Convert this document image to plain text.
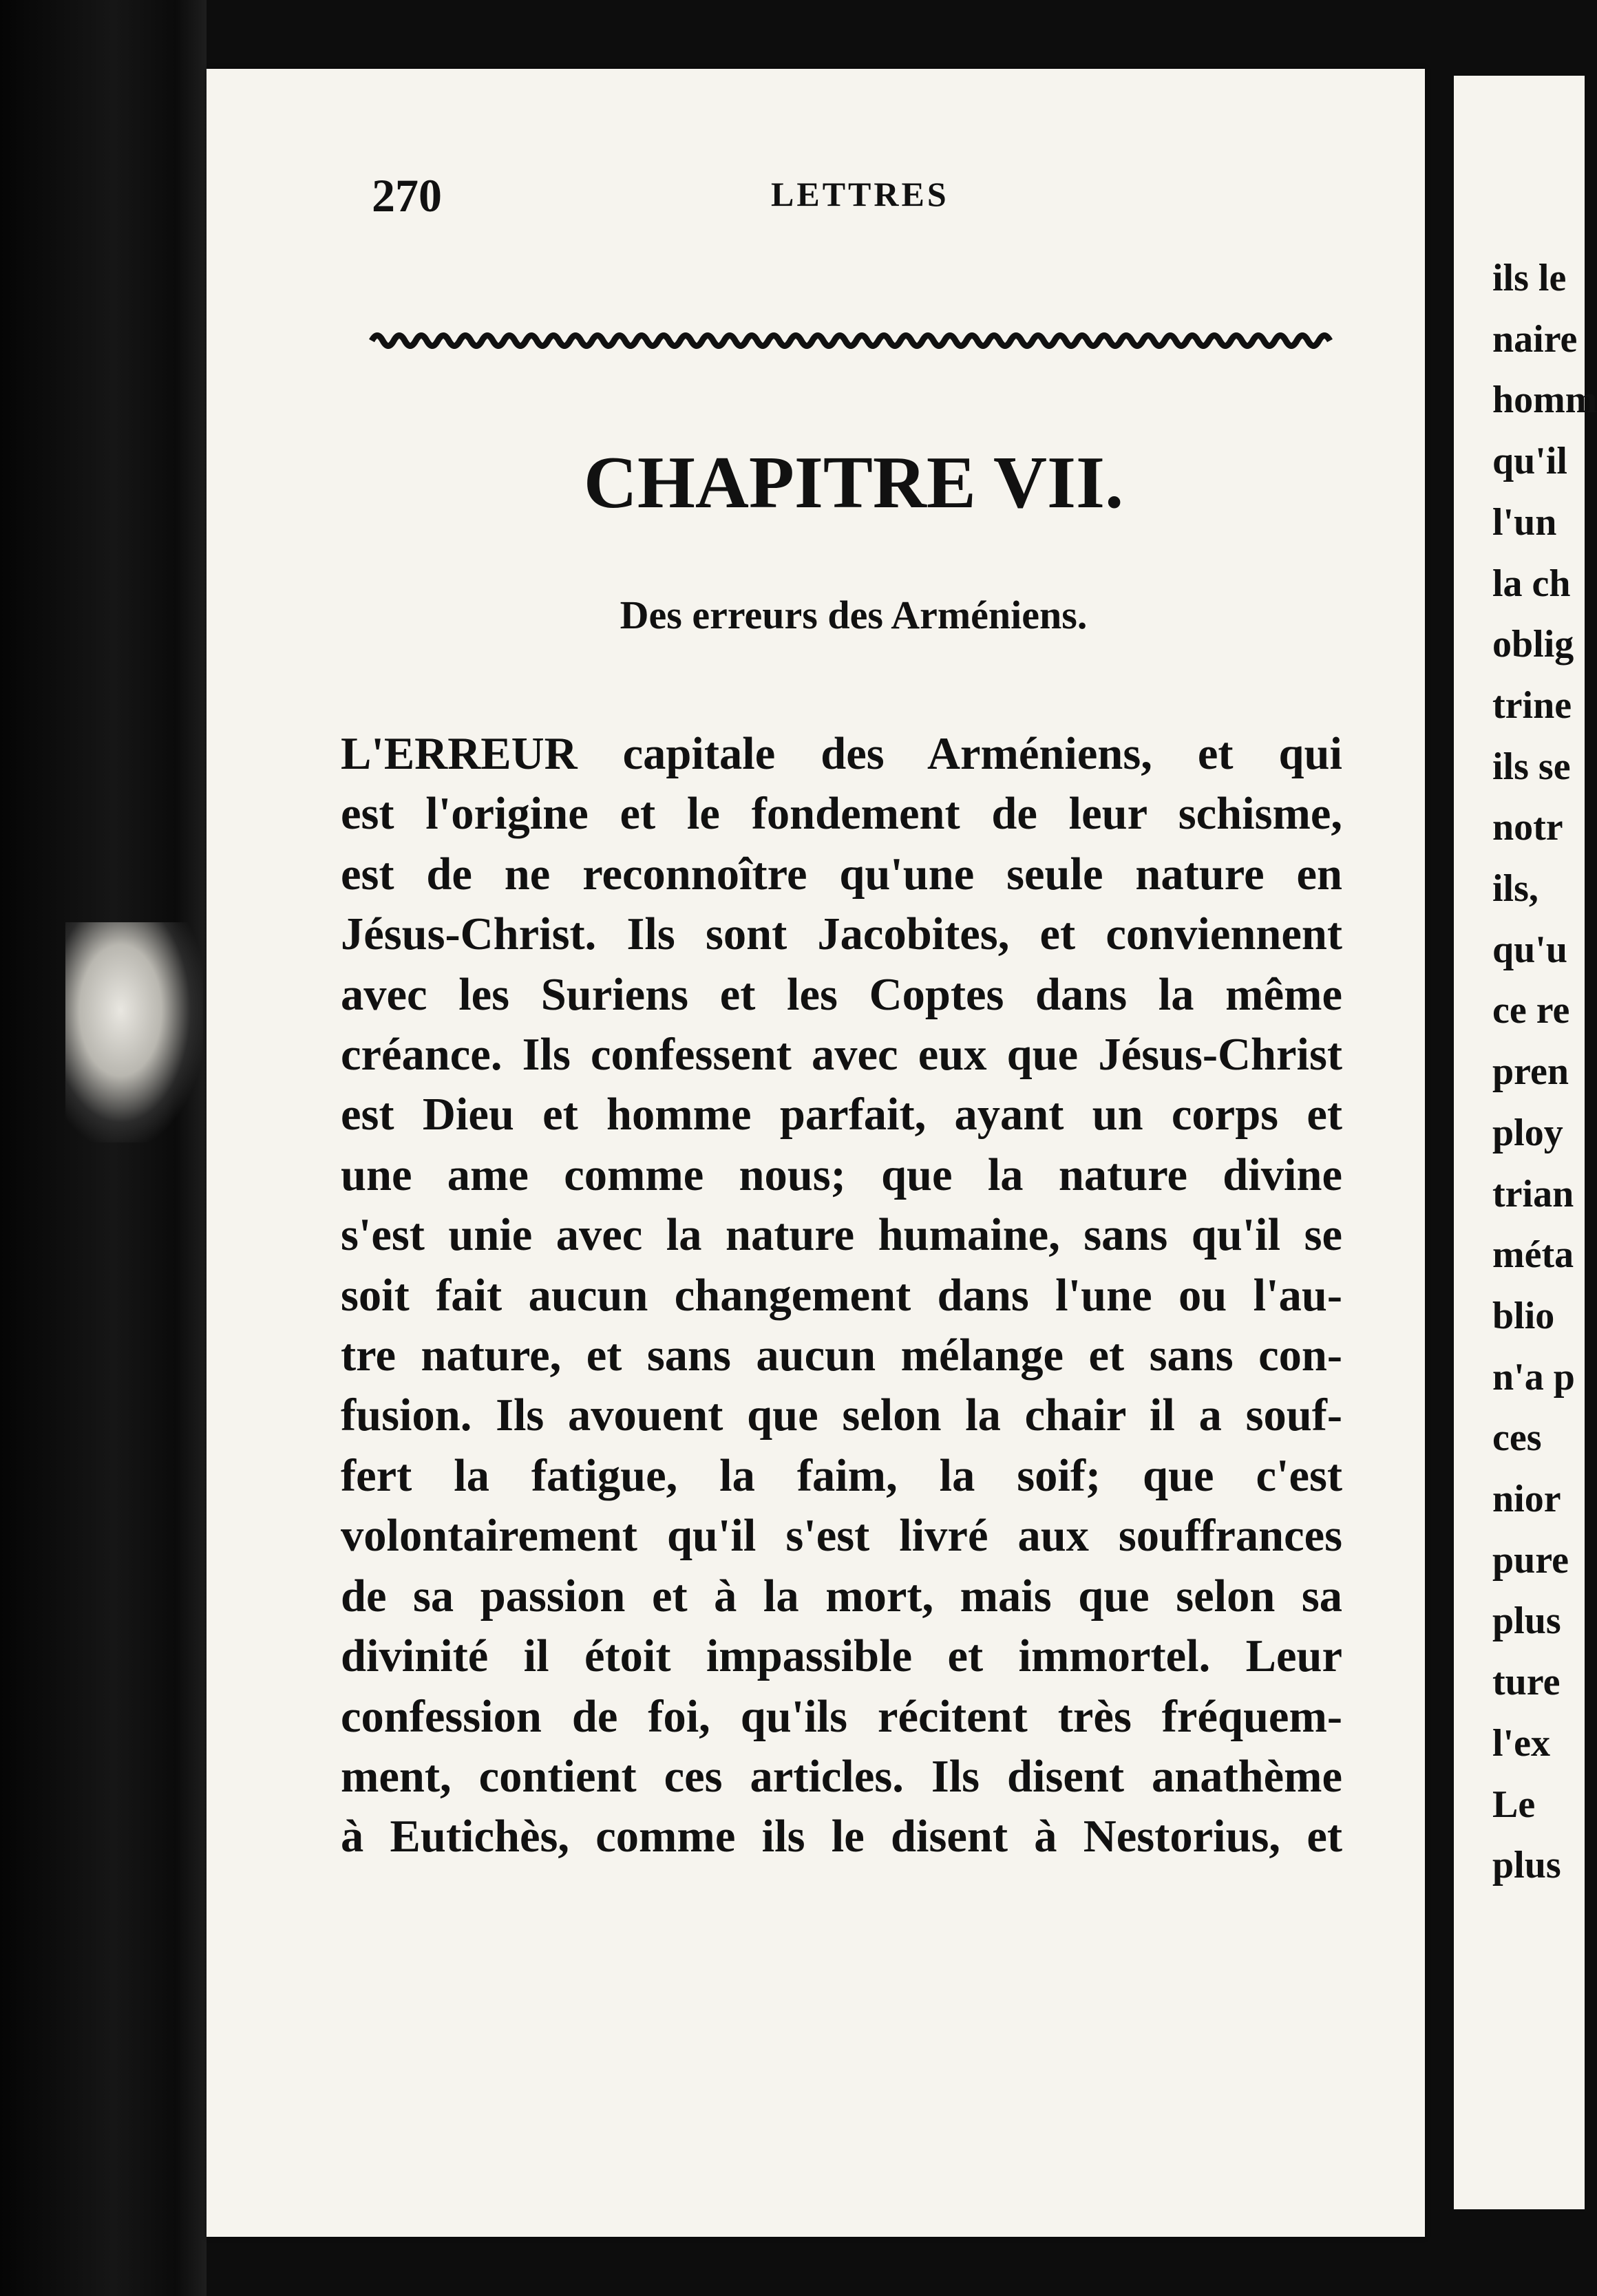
ils le
naire
homm
qu'il
l'un
la ch
oblig
trine
ils se
notr
ils,
qu'u
ce re
pren
ploy
trian
méta
blio
n'a p
ces
nior
pure
plus
ture
l'ex
Le
plus
270	LETTRES
CHAPITRE VII.
Des erreurs des Arméniens.
L'ERREUR capitale des Arméniens, et qui
est l'origine et le fondement de leur schisme,
est de ne reconnoître qu'une seule nature en
Jésus-Christ. Ils sont Jacobites, et conviennent
avec les Suriens et les Coptes dans la même
créance. Ils confessent avec eux que Jésus-Christ
est Dieu et homme parfait, ayant un corps et
une ame comme nous; que la nature divine
s'est unie avec la nature humaine, sans qu'il se
soit fait aucun changement dans l'une ou l'au-
tre nature, et sans aucun mélange et sans con-
fusion. Ils avouent que selon la chair il a souf-
fert la fatigue, la faim, la soif; que c'est
volontairement qu'il s'est livré aux souffrances
de sa passion et à la mort, mais que selon sa
divinité il étoit impassible et immortel. Leur
confession de foi, qu'ils récitent très fréquem-
ment, contient ces articles. Ils disent anathème
à Eutichès, comme ils le disent à Nestorius, et
